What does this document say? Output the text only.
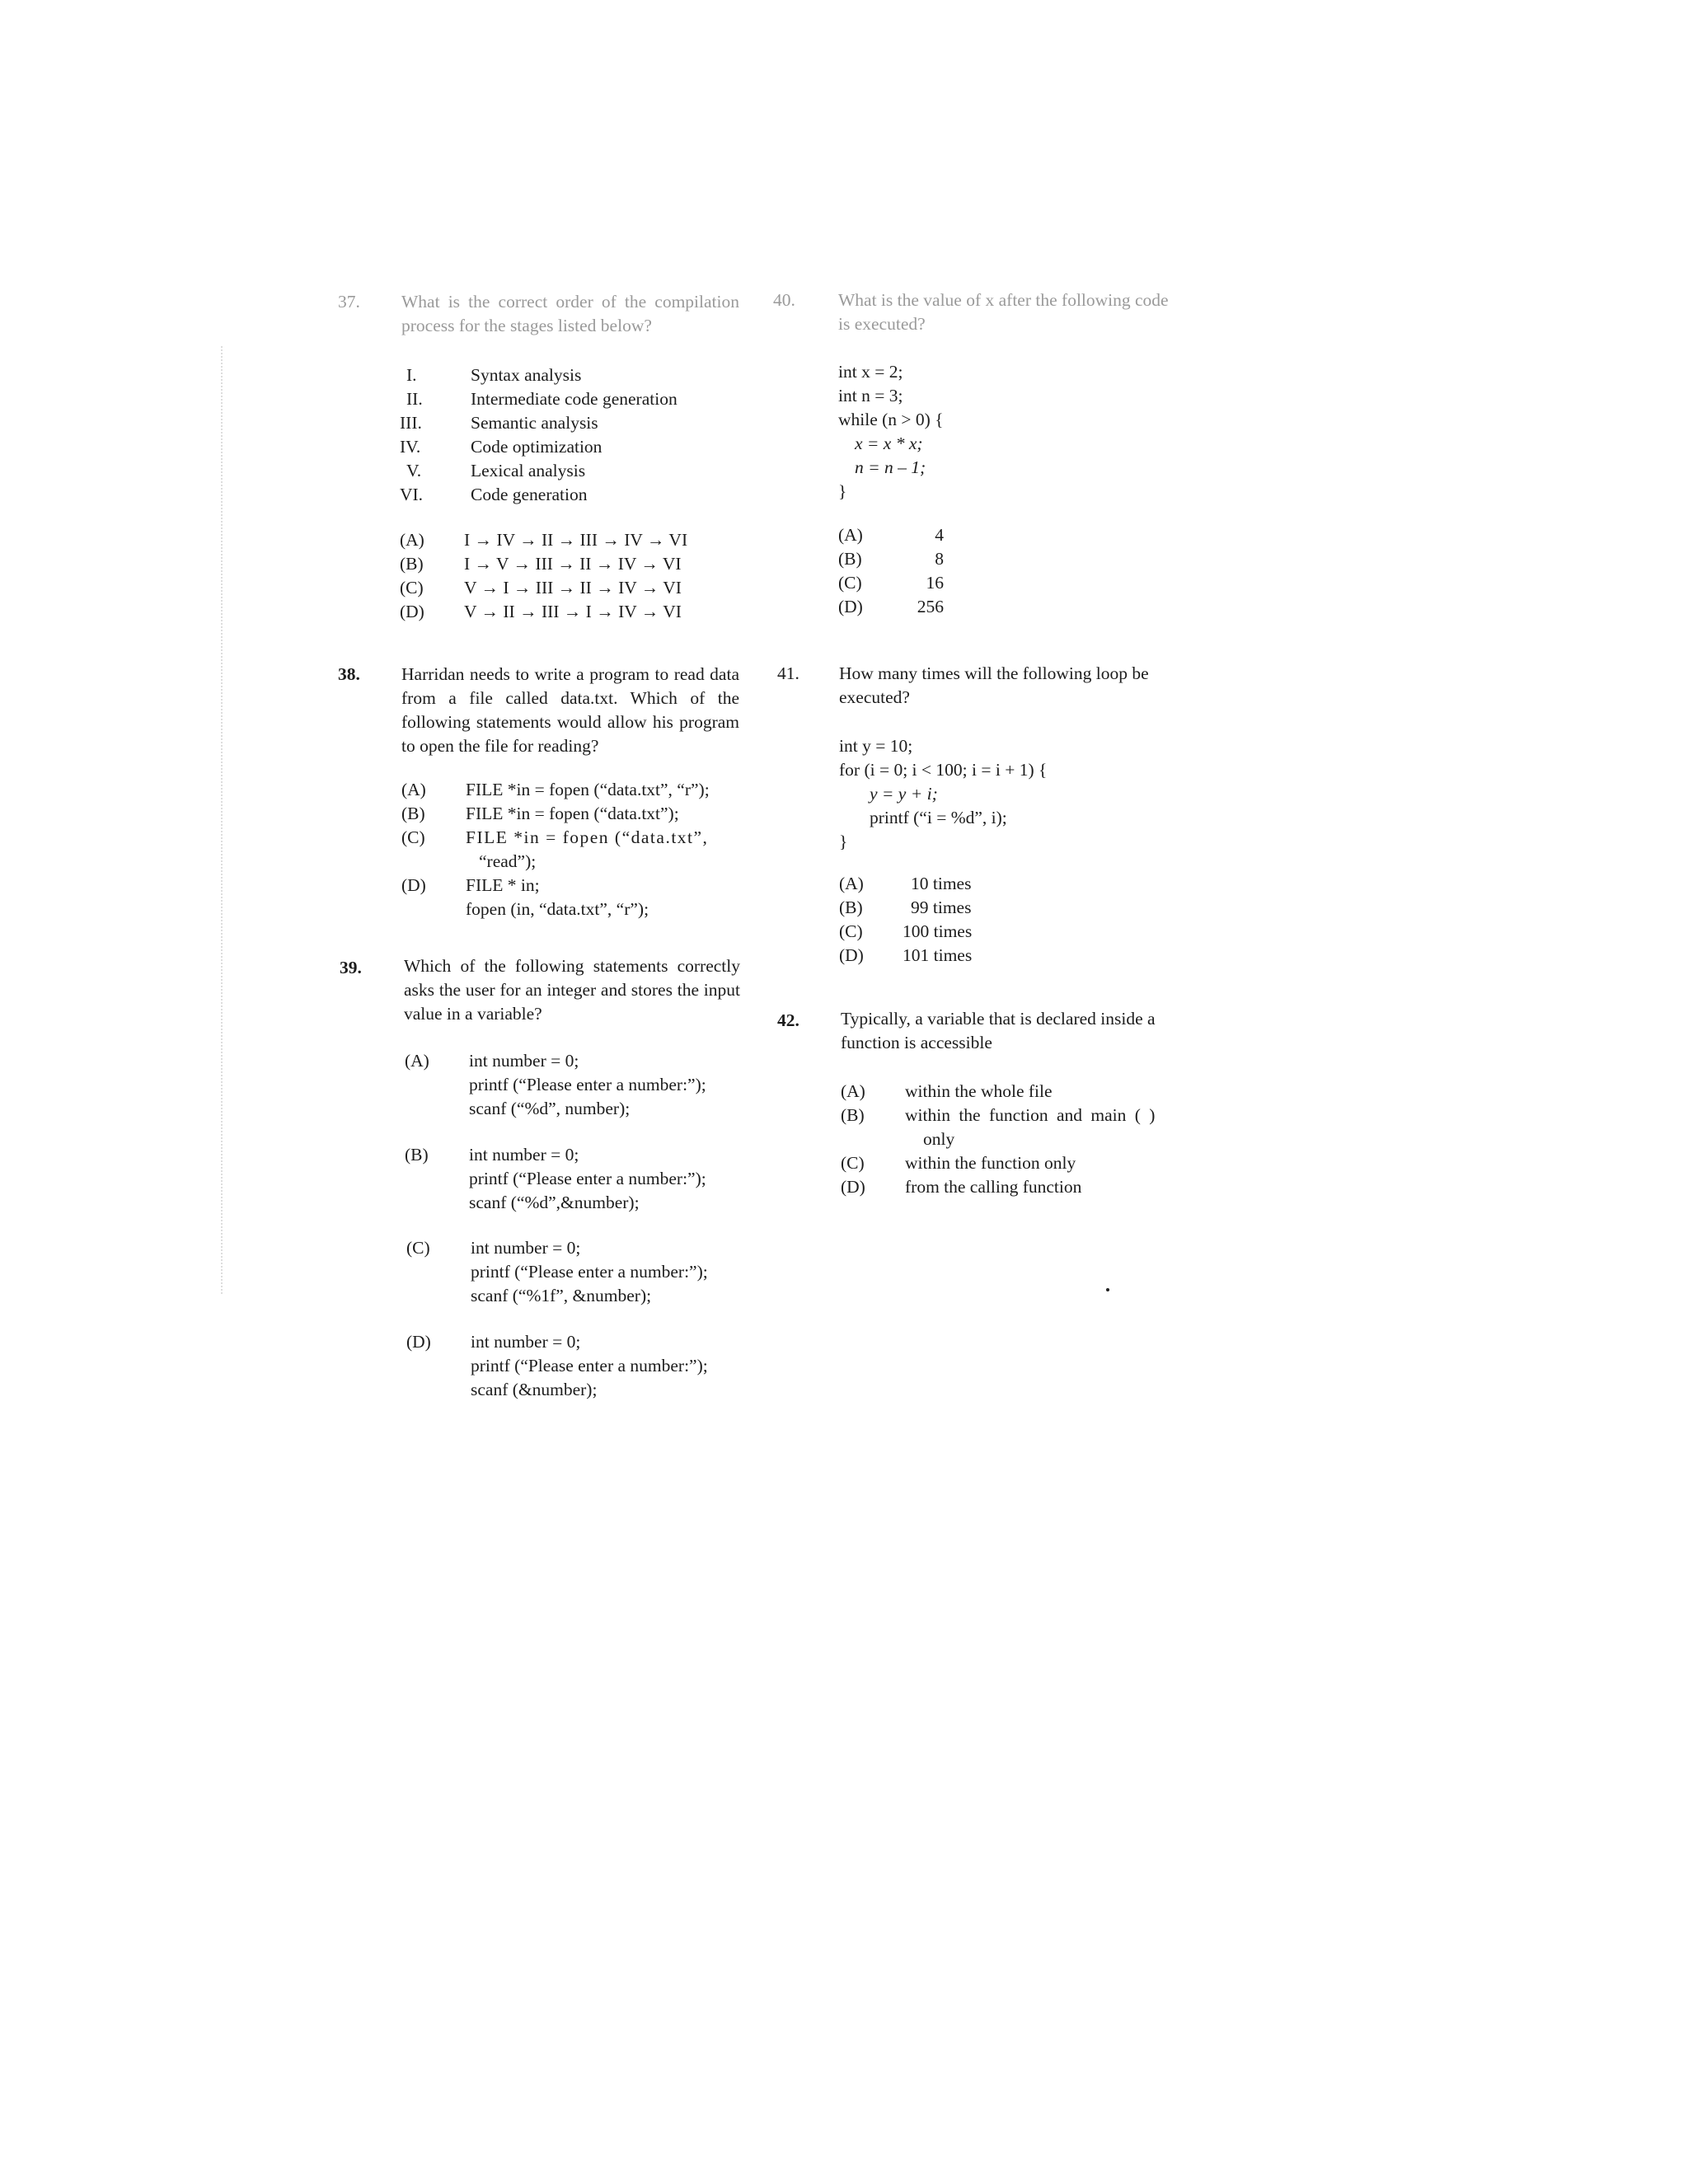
37. What is the correct order of the compilation process for the stages listed below?
I.	Syntax analysis
II.	Intermediate code generation
III.	Semantic analysis
IV.	Code optimization
V.	Lexical analysis
VI.	Code generation
(A) I → IV → II → III → IV → VI
(B) I → V → III → II → IV → VI
(C) V → I → III → II → IV → VI
(D) V → II → III → I → IV → VI
38. Harridan needs to write a program to read data from a file called data.txt. Which of the following statements would allow his program to open the file for reading?
(A) FILE *in = fopen (“data.txt”, “r”);
(B) FILE *in = fopen (“data.txt”);
(C) FILE *in = fopen (“data.txt”,
“read”);
(D) FILE * in;
fopen (in, “data.txt”, “r”);
39. Which of the following statements correctly asks the user for an integer and stores the input value in a variable?
(A) int number = 0;
printf (“Please enter a number:”);
scanf (“%d”, number);
(B) int number = 0;
printf (“Please enter a number:”);
scanf (“%d”,&number);
(C) int number = 0;
printf (“Please enter a number:”);
scanf (“%1f”, &number);
(D) int number = 0;
printf (“Please enter a number:”);
scanf (&number);
40. What is the value of x after the following code is executed?
int x = 2;
int n = 3;
while (n > 0) {
x = x * x;
n = n – 1;
}
(A)	4
(B)	8
(C)	16
(D)	256
41. How many times will the following loop be executed?
int y = 10;
for (i = 0; i < 100; i = i + 1) {
y = y + i;
printf (“i = %d”, i);
}
(A)	10 times
(B)	99 times
(C) 100 times
(D) 101 times
42. Typically, a variable that is declared inside a function is accessible
(A) within the whole file
(B) within the function and main ( )
only
(C) within the function only
(D) from the calling function
